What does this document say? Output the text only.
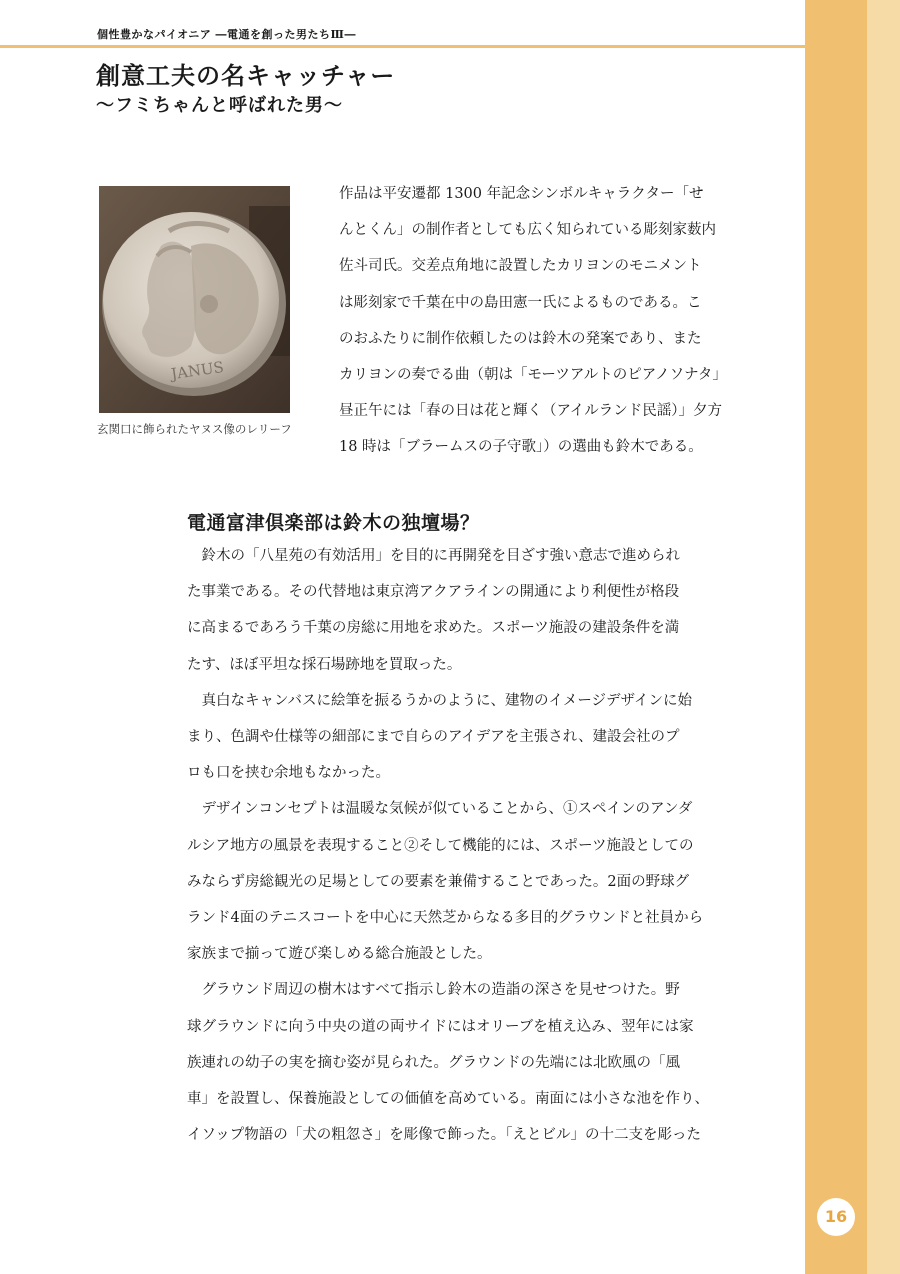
個性豊かなパイオニア ―電通を創った男たちⅢ―
創意工夫の名キャッチャー
〜フミちゃんと呼ばれた男〜
JANUS
玄関口に飾られたヤヌス像のレリーフ
作品は平安遷都 1300 年記念シンボルキャラクター「せ
んとくん」の制作者としても広く知られている彫刻家薮内
佐斗司氏。交差点角地に設置したカリヨンのモニメント
は彫刻家で千葉在中の島田憲一氏によるものである。こ
のおふたりに制作依頼したのは鈴木の発案であり、また
カリヨンの奏でる曲（朝は「モーツアルトのピアノソナタ」
昼正午には「春の日は花と輝く（アイルランド民謡）」夕方
18 時は「ブラームスの子守歌」）の選曲も鈴木である。
電通富津倶楽部は鈴木の独壇場？
　鈴木の「八星苑の有効活用」を目的に再開発を目ざす強い意志で進められ
た事業である。その代替地は東京湾アクアラインの開通により利便性が格段
に高まるであろう千葉の房総に用地を求めた。スポーツ施設の建設条件を満
たす、ほぼ平坦な採石場跡地を買取った。
　真白なキャンバスに絵筆を振るうかのように、建物のイメージデザインに始
まり、色調や仕様等の細部にまで自らのアイデアを主張され、建設会社のプ
ロも口を挟む余地もなかった。
　デザインコンセプトは温暖な気候が似ていることから、①スペインのアンダ
ルシア地方の風景を表現すること②そして機能的には、スポーツ施設としての
みならず房総観光の足場としての要素を兼備することであった。2面の野球グ
ランド4面のテニスコートを中心に天然芝からなる多目的グラウンドと社員から
家族まで揃って遊び楽しめる総合施設とした。
　グラウンド周辺の樹木はすべて指示し鈴木の造詣の深さを見せつけた。野
球グラウンドに向う中央の道の両サイドにはオリーブを植え込み、翌年には家
族連れの幼子の実を摘む姿が見られた。グラウンドの先端には北欧風の「風
車」を設置し、保養施設としての価値を高めている。南面には小さな池を作り、
イソップ物語の「犬の粗忽さ」を彫像で飾った。「えとビル」の十二支を彫った
16
